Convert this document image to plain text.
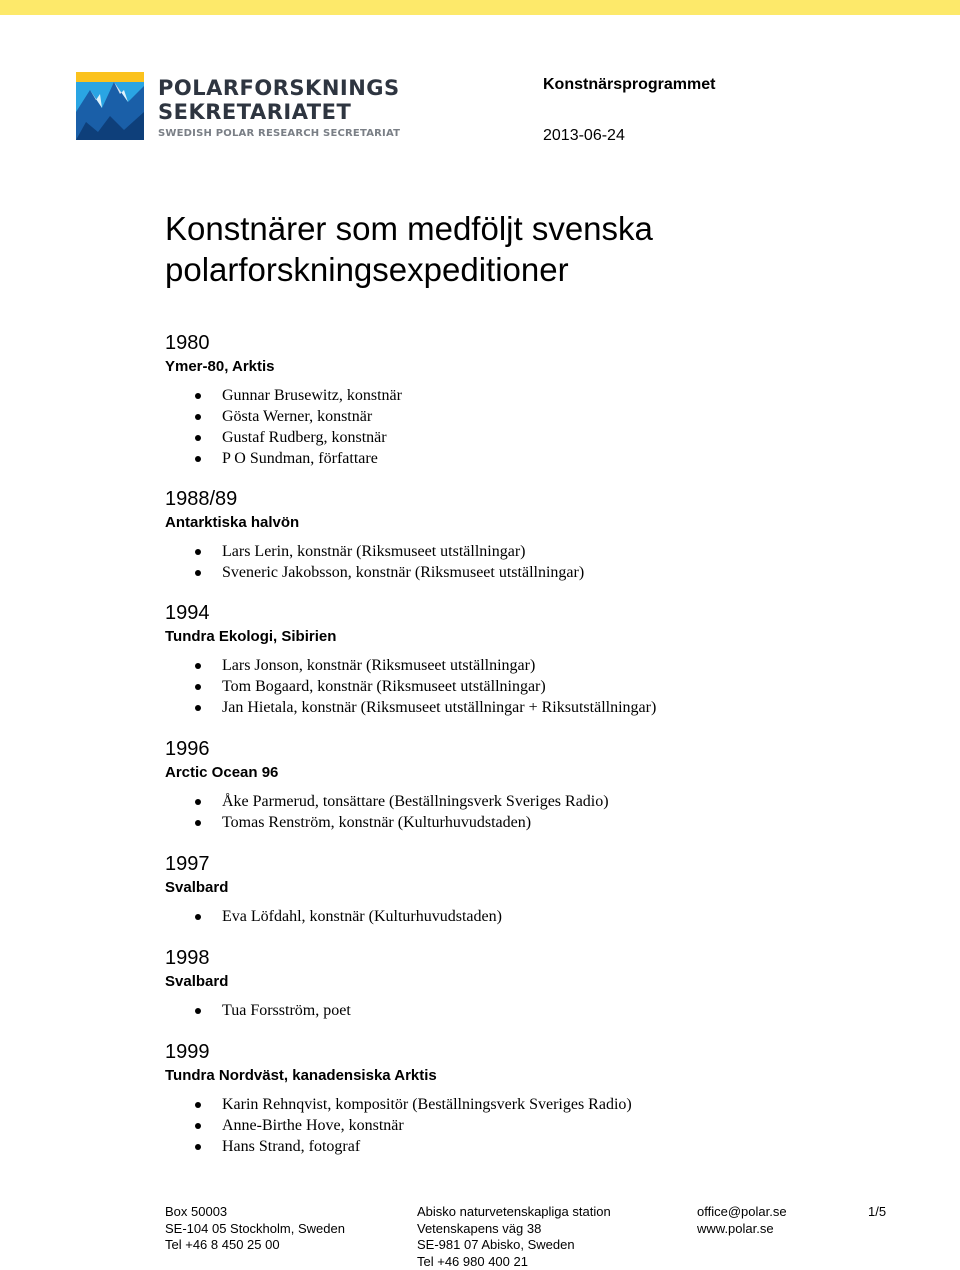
POLARFORSKNINGS
SEKRETARIATET
SWEDISH POLAR RESEARCH SECRETARIAT
Konstnärsprogrammet
2013-06-24
Konstnärer som medföljt svenska
polarforskningsexpeditioner
1980
Ymer-80, Arktis
Gunnar Brusewitz, konstnär
Gösta Werner, konstnär
Gustaf Rudberg, konstnär
P O Sundman, författare
1988/89
Antarktiska halvön
Lars Lerin, konstnär (Riksmuseet utställningar)
Sveneric Jakobsson, konstnär (Riksmuseet utställningar)
1994
Tundra Ekologi, Sibirien
Lars Jonson, konstnär (Riksmuseet utställningar)
Tom Bogaard, konstnär (Riksmuseet utställningar)
Jan Hietala, konstnär (Riksmuseet utställningar + Riksutställningar)
1996
Arctic Ocean 96
Åke Parmerud, tonsättare (Beställningsverk Sveriges Radio)
Tomas Renström, konstnär (Kulturhuvudstaden)
1997
Svalbard
Eva Löfdahl, konstnär (Kulturhuvudstaden)
1998
Svalbard
Tua Forsström, poet
1999
Tundra Nordväst, kanadensiska Arktis
Karin Rehnqvist, kompositör (Beställningsverk Sveriges Radio)
Anne-Birthe Hove, konstnär
Hans Strand, fotograf
Box 50003
SE-104 05 Stockholm, Sweden
Tel +46 8 450 25 00
Abisko naturvetenskapliga station
Vetenskapens väg 38
SE-981 07 Abisko, Sweden
Tel +46 980 400 21
office@polar.se
www.polar.se
1/5
